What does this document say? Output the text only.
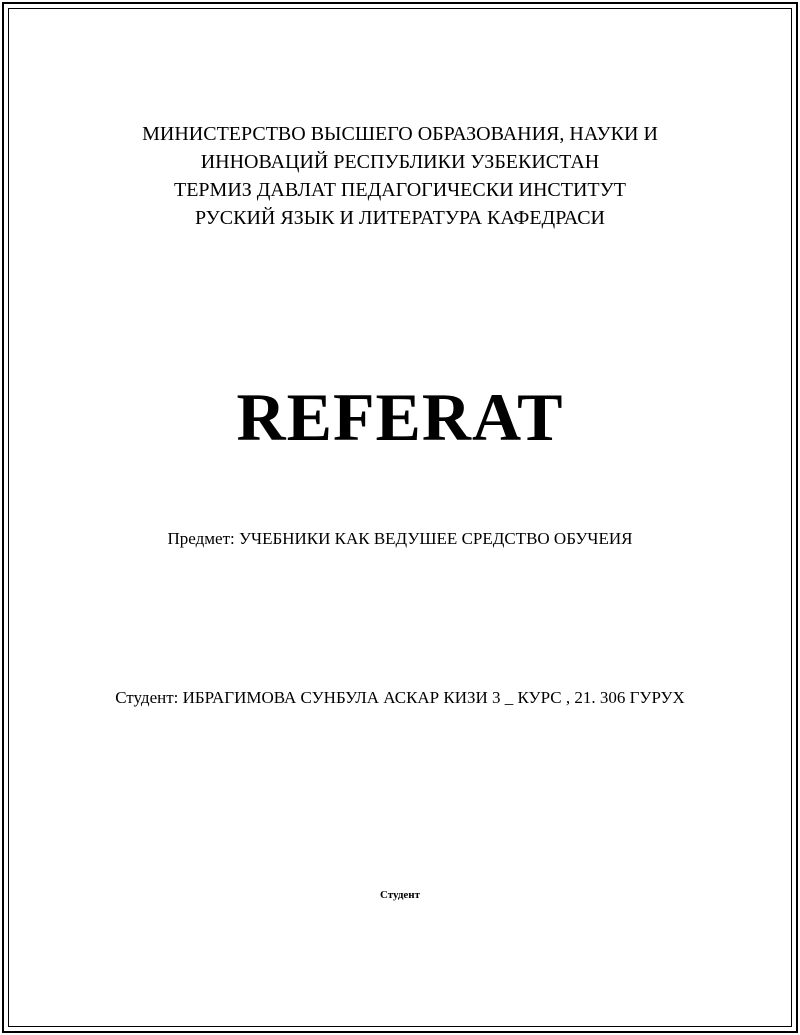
МИНИСТЕРСТВО ВЫСШЕГО ОБРАЗОВАНИЯ, НАУКИ И
ИННОВАЦИЙ РЕСПУБЛИКИ УЗБЕКИСТАН
ТЕРМИЗ ДАВЛАТ ПЕДАГОГИЧЕСКИ ИНСТИТУТ
РУСКИЙ ЯЗЫК И ЛИТЕРАТУРА КАФЕДРАСИ
REFERAT
Предмет: УЧЕБНИКИ КАК ВЕДУШЕЕ СРЕДСТВО ОБУЧЕИЯ
Студент: ИБРАГИМОВА СУНБУЛА АСКАР КИЗИ 3 _ КУРС , 21. 306 ГУРУХ
Студент
